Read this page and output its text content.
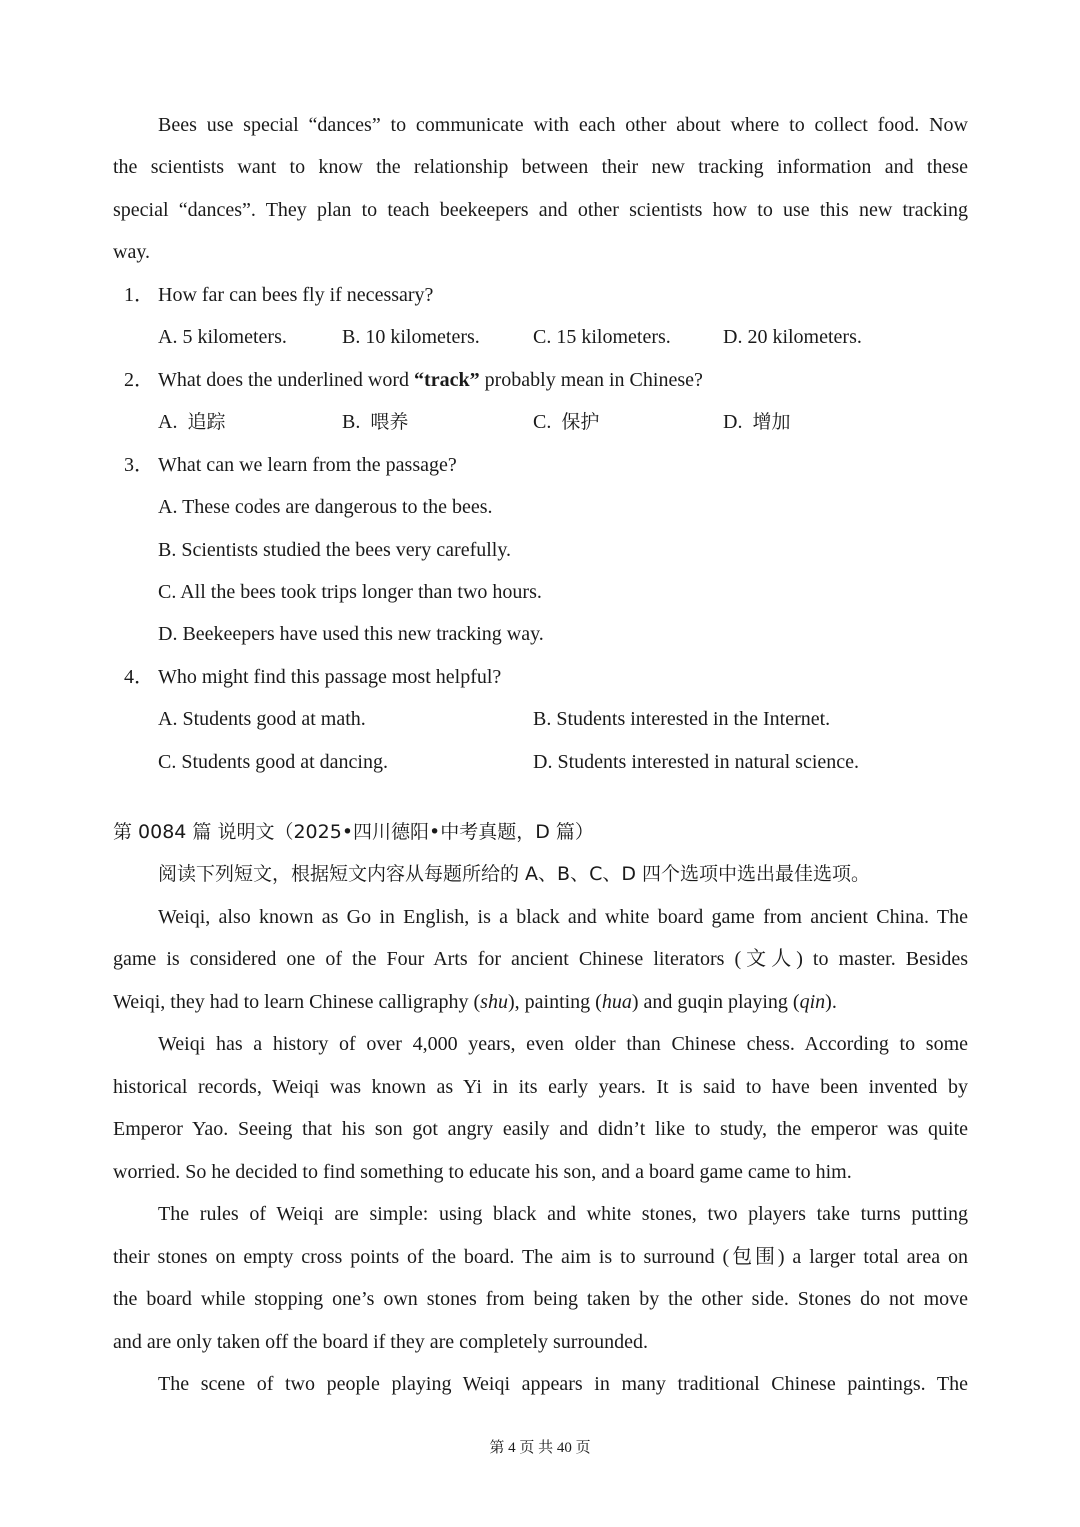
Bees use special “dances” to communicate with each other about where to collect food. Now
the scientists want to know the relationship between their new tracking information and these
special “dances”. They plan to teach beekeepers and other scientists how to use this new tracking
way.
1． How far can bees fly if necessary?
A. 5 kilometers.	B. 10 kilometers.	C. 15 kilometers.	D. 20 kilometers.
2． What does the underlined word “track” probably mean in Chinese?
A. 追踪	B. 喂养	C. 保护	D. 增加
3． What can we learn from the passage?
A. These codes are dangerous to the bees.
B. Scientists studied the bees very carefully.
C. All the bees took trips longer than two hours.
D. Beekeepers have used this new tracking way.
4． Who might find this passage most helpful?
A. Students good at math.	B. Students interested in the Internet.
C. Students good at dancing.	D. Students interested in natural science.
第 0084 篇 说明文（2025•四川德阳•中考真题，D 篇）
阅读下列短文，根据短文内容从每题所给的 A、B、C、D 四个选项中选出最佳选项。
Weiqi, also known as Go in English, is a black and white board game from ancient China. The
game is considered one of the Four Arts for ancient Chinese literators (文人) to master. Besides
Weiqi, they had to learn Chinese calligraphy (shu), painting (hua) and guqin playing (qin).
Weiqi has a history of over 4,000 years, even older than Chinese chess. According to some
historical records, Weiqi was known as Yi in its early years. It is said to have been invented by
Emperor Yao. Seeing that his son got angry easily and didn’t like to study, the emperor was quite
worried. So he decided to find something to educate his son, and a board game came to him.
The rules of Weiqi are simple: using black and white stones, two players take turns putting
their stones on empty cross points of the board. The aim is to surround (包围) a larger total area on
the board while stopping one’s own stones from being taken by the other side. Stones do not move
and are only taken off the board if they are completely surrounded.
The scene of two people playing Weiqi appears in many traditional Chinese paintings. The
第 4 页 共 40 页
